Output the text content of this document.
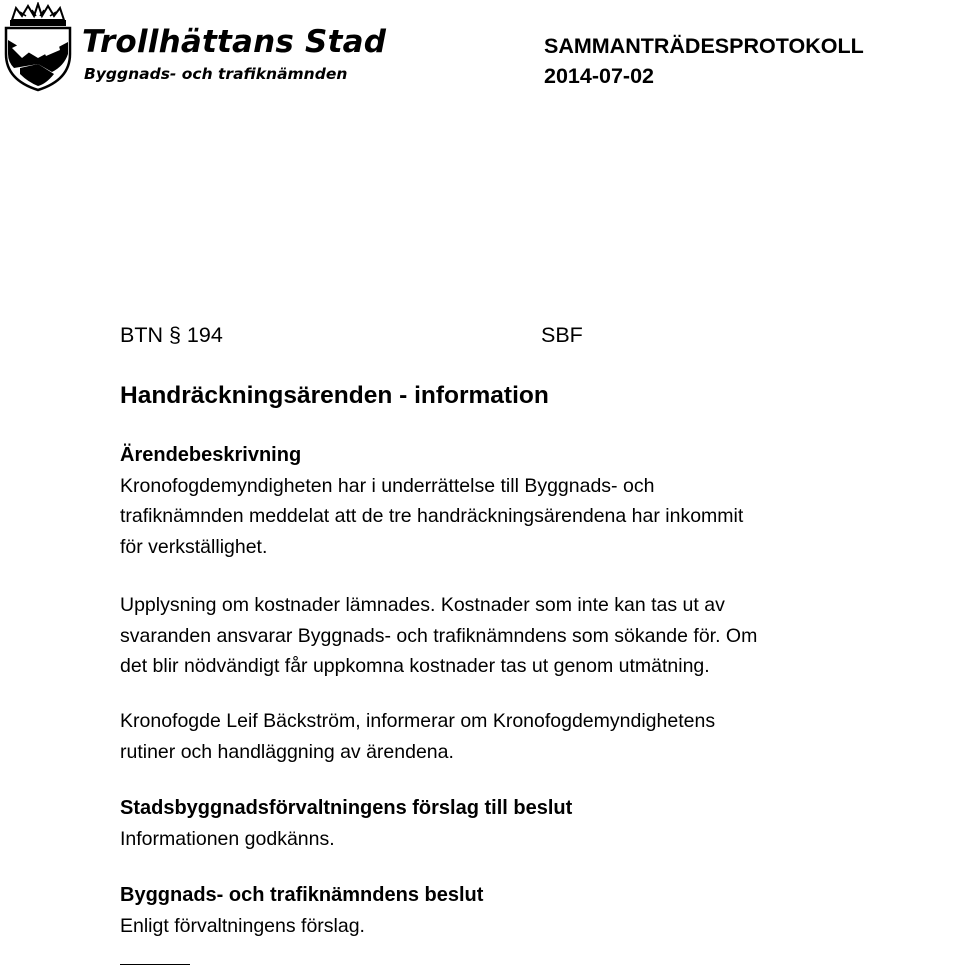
Trollhättans Stad
Byggnads- och trafiknämnden
SAMMANTRÄDESPROTOKOLL
2014-07-02
BTN § 194	SBF
Handräckningsärenden - information

Ärendebeskrivning

Kronofogdemyndigheten har i underrättelse till Byggnads- och

trafiknämnden meddelat att de tre handräckningsärendena har inkommit

för verkställighet.

Upplysning om kostnader lämnades. Kostnader som inte kan tas ut av

svaranden ansvarar Byggnads- och trafiknämndens som sökande för. Om

det blir nödvändigt får uppkomna kostnader tas ut genom utmätning.

Kronofogde Leif Bäckström, informerar om Kronofogdemyndighetens

rutiner och handläggning av ärendena.

Stadsbyggnadsförvaltningens förslag till beslut

Informationen godkänns.

Byggnads- och trafiknämndens beslut

Enligt förvaltningens förslag.
